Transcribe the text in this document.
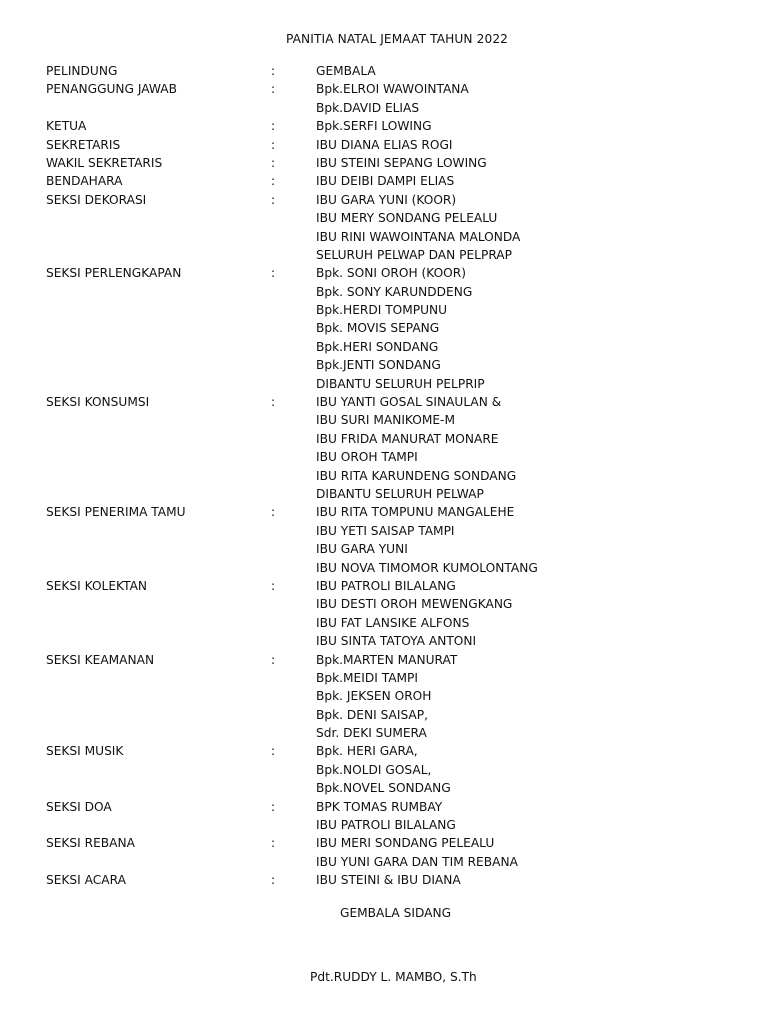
PANITIA NATAL JEMAAT TAHUN 2022
PELINDUNG	:	GEMBALA
PENANGGUNG JAWAB	:	Bpk.ELROI WAWOINTANA
Bpk.DAVID ELIAS
KETUA	:	Bpk.SERFI LOWING
SEKRETARIS	:	IBU DIANA ELIAS ROGI
WAKIL SEKRETARIS	:	IBU STEINI SEPANG LOWING
BENDAHARA	:	IBU DEIBI DAMPI ELIAS
SEKSI DEKORASI	:	IBU GARA YUNI (KOOR)
IBU MERY SONDANG PELEALU
IBU RINI WAWOINTANA MALONDA
SELURUH PELWAP DAN PELPRAP
SEKSI PERLENGKAPAN	:	Bpk. SONI OROH (KOOR)
Bpk. SONY KARUNDDENG
Bpk.HERDI TOMPUNU
Bpk. MOVIS SEPANG
Bpk.HERI SONDANG
Bpk.JENTI SONDANG
DIBANTU SELURUH PELPRIP
SEKSI KONSUMSI	:	IBU YANTI GOSAL SINAULAN &
IBU SURI MANIKOME-M
IBU FRIDA MANURAT MONARE
IBU OROH TAMPI
IBU RITA KARUNDENG SONDANG
DIBANTU SELURUH PELWAP
SEKSI PENERIMA TAMU	:	IBU RITA TOMPUNU MANGALEHE
IBU YETI SAISAP TAMPI
IBU GARA YUNI
IBU NOVA TIMOMOR KUMOLONTANG
SEKSI KOLEKTAN	:	IBU PATROLI BILALANG
IBU DESTI OROH MEWENGKANG
IBU FAT LANSIKE ALFONS
IBU SINTA TATOYA ANTONI
SEKSI KEAMANAN	:	Bpk.MARTEN MANURAT
Bpk.MEIDI TAMPI
Bpk. JEKSEN OROH
Bpk. DENI SAISAP,
Sdr. DEKI SUMERA
SEKSI MUSIK	:	Bpk. HERI GARA,
Bpk.NOLDI GOSAL,
Bpk.NOVEL SONDANG
SEKSI DOA	:	BPK TOMAS RUMBAY
IBU PATROLI BILALANG
SEKSI REBANA	:	IBU MERI SONDANG PELEALU
IBU YUNI GARA DAN TIM REBANA
SEKSI ACARA	:	IBU STEINI & IBU DIANA
GEMBALA SIDANG
Pdt.RUDDY L. MAMBO, S.Th
